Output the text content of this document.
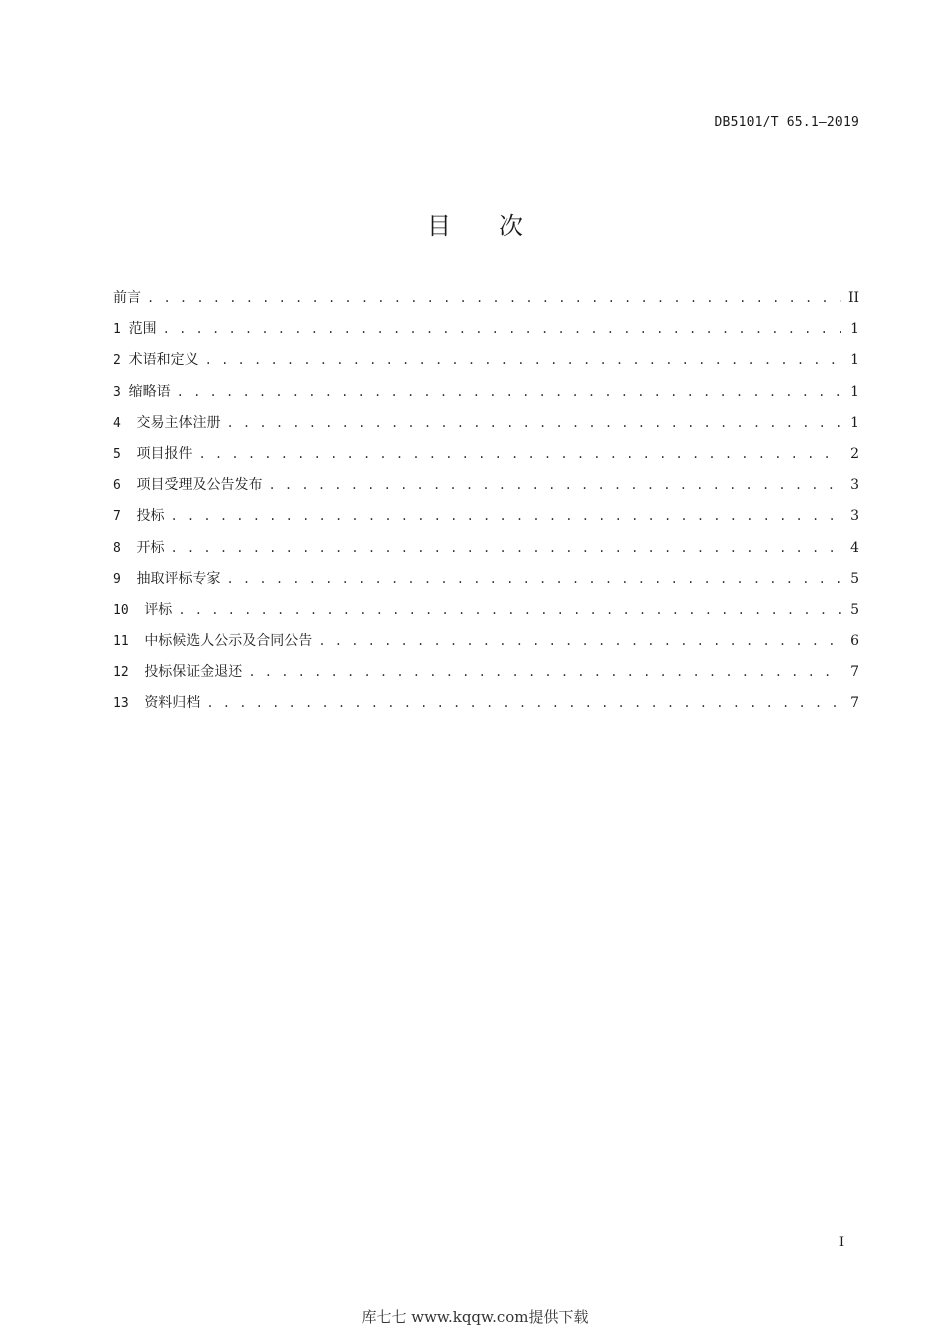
DB5101/T 65.1—2019
目 次
前言 . . .	II
1 范围 . . .	1
2 术语和定义 . . .	1
3 缩略语 . . .	1
4 交易主体注册 . . .	1
5 项目报件 . . .	2
6 项目受理及公告发布 . . .	3
7 投标 . . .	3
8 开标 . . .	4
9 抽取评标专家 . . .	5
10 评标 . . .	5
11 中标候选人公示及合同公告 . . .	6
12 投标保证金退还 . . .	7
13 资料归档 . . .	7
I
库七七 www.kqqw.com提供下载
